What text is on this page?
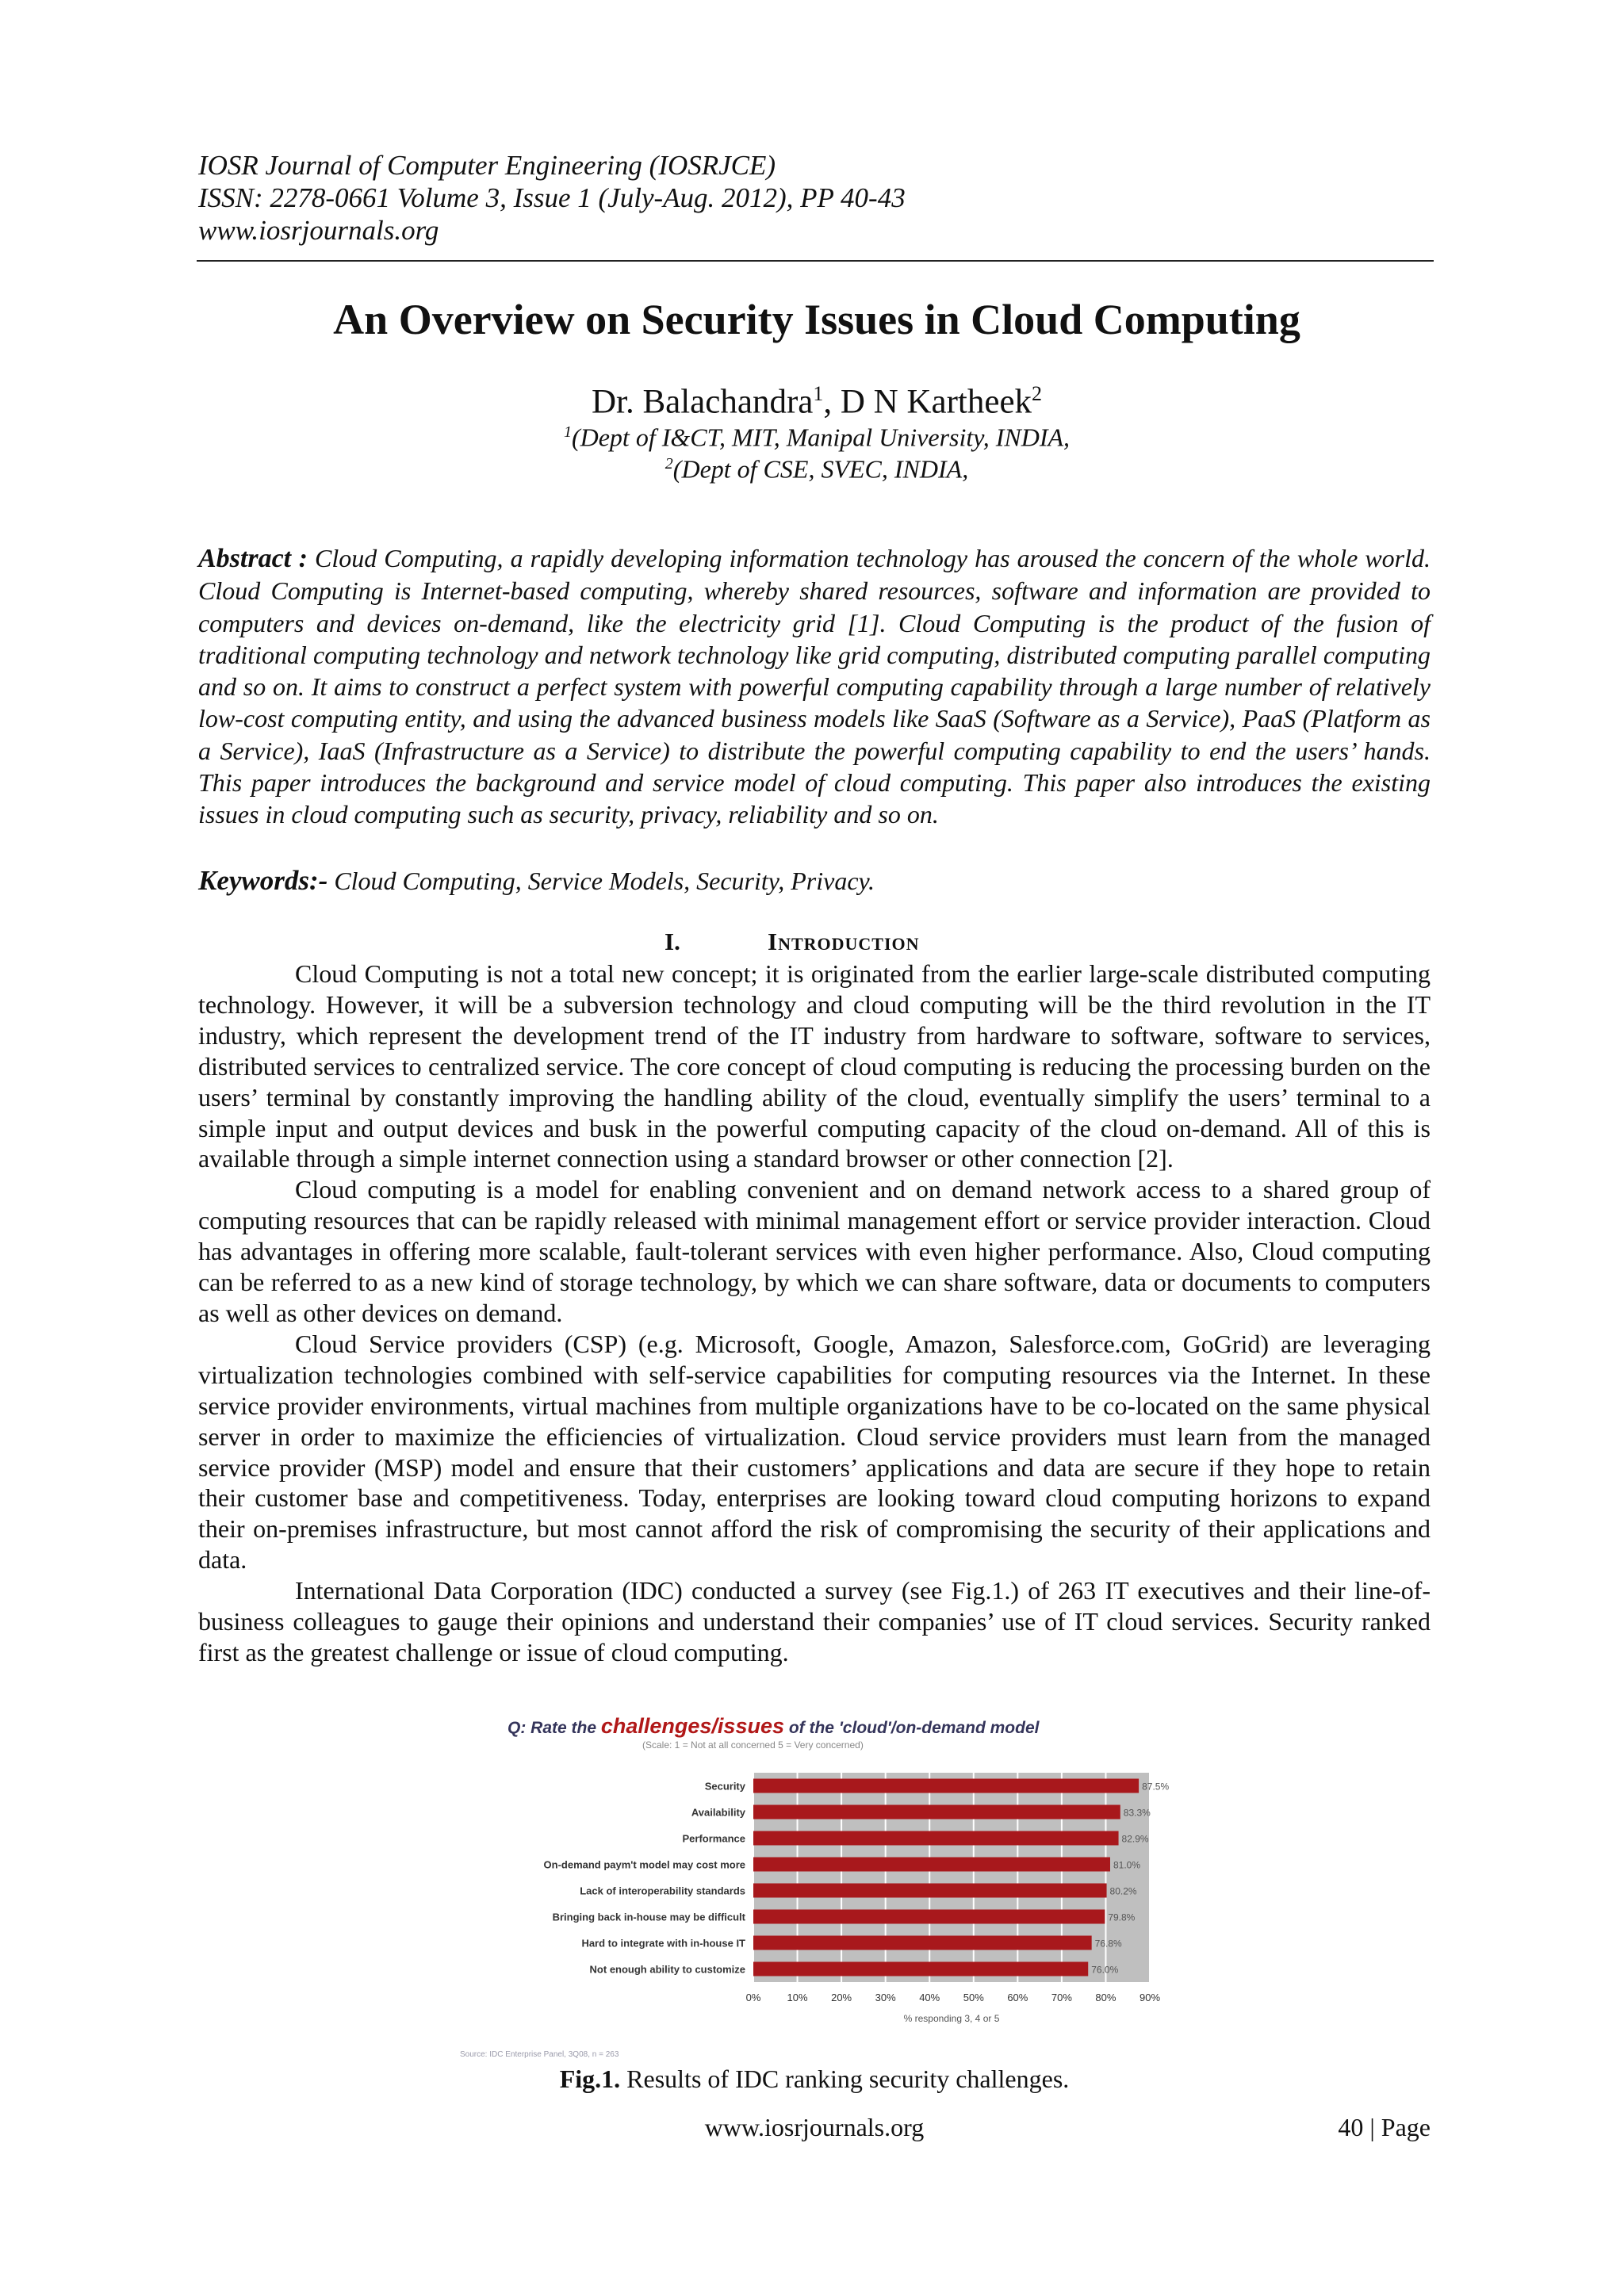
IOSR Journal of Computer Engineering (IOSRJCE)
ISSN: 2278-0661 Volume 3, Issue 1 (July-Aug. 2012), PP 40-43
www.iosrjournals.org
An Overview on Security Issues in Cloud Computing
Dr. Balachandra$^1$, D N Kartheek$^2$
$^1$(Dept of I&CT, MIT, Manipal University, INDIA,
$^2$(Dept of CSE, SVEC, INDIA,
Abstract : Cloud Computing, a rapidly developing information technology has aroused the concern of the whole world. Cloud Computing is Internet-based computing, whereby shared resources, software and information are provided to computers and devices on-demand, like the electricity grid [1]. Cloud Computing is the product of the fusion of traditional computing technology and network technology like grid computing, distributed computing parallel computing and so on. It aims to construct a perfect system with powerful computing capability through a large number of relatively low-cost computing entity, and using the advanced business models like SaaS (Software as a Service), PaaS (Platform as a Service), IaaS (Infrastructure as a Service) to distribute the powerful computing capability to end the users’ hands. This paper introduces the background and service model of cloud computing. This paper also introduces the existing issues in cloud computing such as security, privacy, reliability and so on.
Keywords:- Cloud Computing, Service Models, Security, Privacy.
I.	Introduction

Cloud Computing is not a total new concept; it is originated from the earlier large-scale distributed computing technology. However, it will be a subversion technology and cloud computing will be the third revolution in the IT industry, which represent the development trend of the IT industry from hardware to software, software to services, distributed services to centralized service. The core concept of cloud computing is reducing the processing burden on the users’ terminal by constantly improving the handling ability of the cloud, eventually simplify the users’ terminal to a simple input and output devices and busk in the powerful computing capacity of the cloud on-demand. All of this is available through a simple internet connection using a standard browser or other connection [2].

Cloud computing is a model for enabling convenient and on demand network access to a shared group of computing resources that can be rapidly released with minimal management effort or service provider interaction. Cloud has advantages in offering more scalable, fault-tolerant services with even higher performance. Also, Cloud computing can be referred to as a new kind of storage technology, by which we can share software, data or documents to computers as well as other devices on demand.

Cloud Service providers (CSP) (e.g. Microsoft, Google, Amazon, Salesforce.com, GoGrid) are leveraging virtualization technologies combined with self-service capabilities for computing resources via the Internet. In these service provider environments, virtual machines from multiple organizations have to be co-located on the same physical server in order to maximize the efficiencies of virtualization. Cloud service providers must learn from the managed service provider (MSP) model and ensure that their customers’ applications and data are secure if they hope to retain their customer base and competitiveness. Today, enterprises are looking toward cloud computing horizons to expand their on-premises infrastructure, but most cannot afford the risk of compromising the security of their applications and data.

International Data Corporation (IDC) conducted a survey (see Fig.1.) of 263 IT executives and their line-of-business colleagues to gauge their opinions and understand their companies’ use of IT cloud services. Security ranked first as the greatest challenge or issue of cloud computing.

Q: Rate the challenges/issues of the 'cloud'/on-demand model
(Scale: 1 = Not at all concerned 5 = Very concerned)
0%	10% 20% 30% 40% 50% 60% 70% 80% 90%
Security	87.5%
Availability	83.3%
Performance	82.9%
On-demand paym't model may cost more	81.0%
Lack of interoperability standards	80.2%
Bringing back in-house may be difficult	79.8%
Hard to integrate with in-house IT	76.8%
Not enough ability to customize	76.0%
% responding 3, 4 or 5
Source: IDC Enterprise Panel, 3Q08, n = 263
Fig.1. Results of IDC ranking security challenges.
www.iosrjournals.org	40 | Page
